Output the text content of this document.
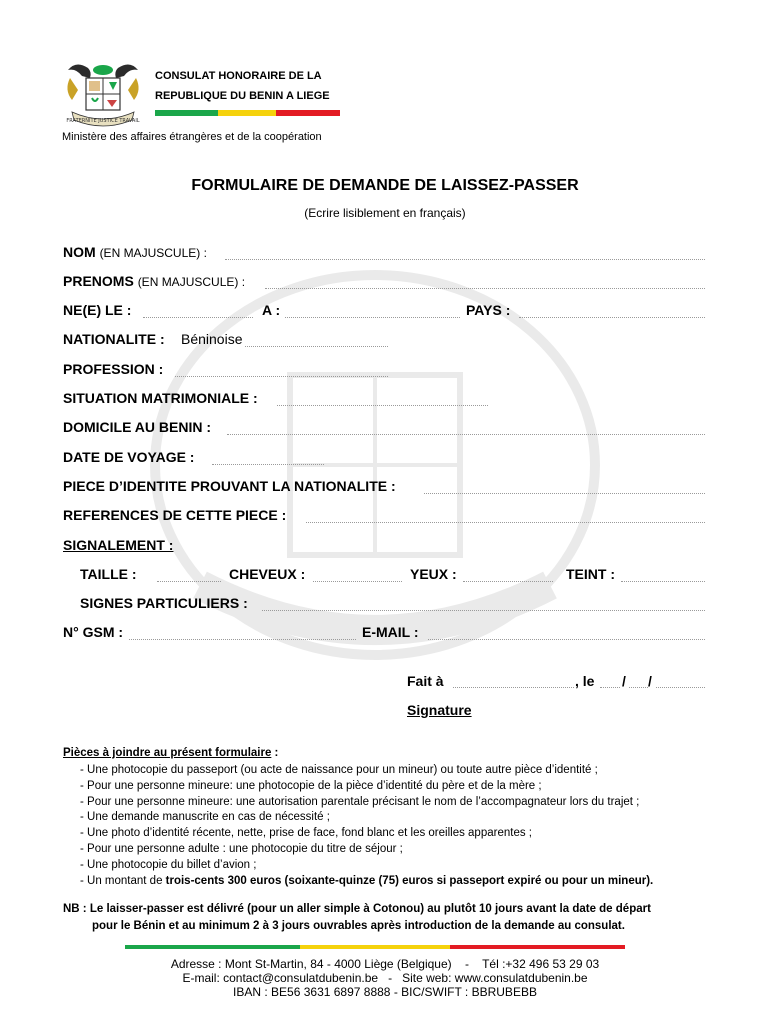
FRATERNITE JUSTICE TRAVAIL
CONSULAT HONORAIRE DE LA
REPUBLIQUE DU BENIN A LIEGE
Ministère des affaires étrangères et de la coopération
FORMULAIRE DE DEMANDE DE LAISSEZ-PASSER
(Ecrire lisiblement en français)
NOM (EN MAJUSCULE) :
PRENOMS (EN MAJUSCULE) :
NE(E) LE :	A :	PAYS :
NATIONALITE : Béninoise
PROFESSION :
SITUATION MATRIMONIALE :
DOMICILE AU BENIN :
DATE DE VOYAGE :
PIECE D’IDENTITE PROUVANT LA NATIONALITE :
REFERENCES DE CETTE PIECE :
SIGNALEMENT :
TAILLE :	CHEVEUX :	YEUX :	TEINT :
SIGNES PARTICULIERS :
N° GSM :	E-MAIL :
Fait à	, le / /
Signature
Pièces à joindre au présent formulaire :
- Une photocopie du passeport (ou acte de naissance pour un mineur) ou toute autre pièce d’identité ;
- Pour une personne mineure: une photocopie de la pièce d’identité du père et de la mère ;
- Pour une personne mineure: une autorisation parentale précisant le nom de l’accompagnateur lors du trajet ;
- Une demande manuscrite en cas de nécessité ;
- Une photo d’identité récente, nette, prise de face, fond blanc et les oreilles apparentes ;
- Pour une personne adulte : une photocopie du titre de séjour ;
- Une photocopie du billet d’avion ;
- Un montant de trois-cents 300 euros (soixante-quinze (75) euros si passeport expiré ou pour un mineur).
NB : Le laisser-passer est délivré (pour un aller simple à Cotonou) au plutôt 10 jours avant la date de départ
pour le Bénin et au minimum 2 à 3 jours ouvrables après introduction de la demande au consulat.
Adresse : Mont St-Martin, 84 - 4000 Liège (Belgique)    -    Tél :+32 496 53 29 03
E-mail: contact@consulatdubenin.be   -   Site web: www.consulatdubenin.be
IBAN : BE56 3631 6897 8888 - BIC/SWIFT : BBRUBEBB
